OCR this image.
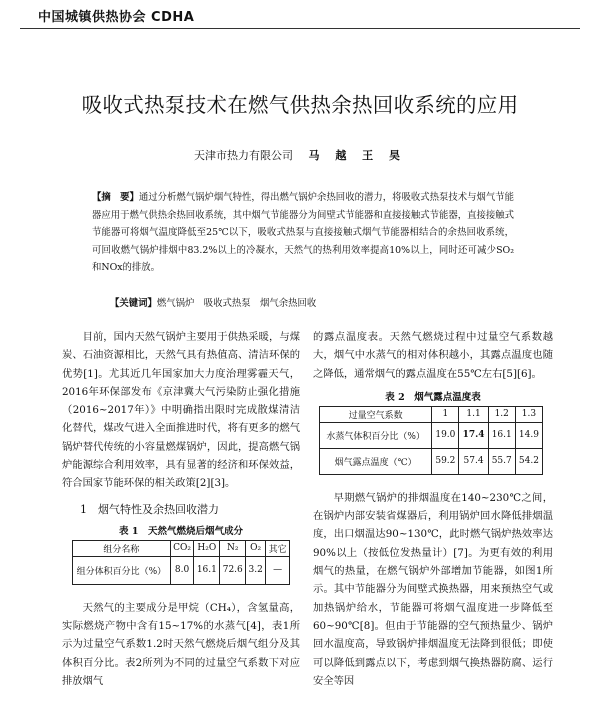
中国城镇供热协会 CDHA
吸收式热泵技术在燃气供热余热回收系统的应用
天津市热力有限公司 马 越 王 昊
【摘　要】通过分析燃气锅炉烟气特性，得出燃气锅炉余热回收的潜力，将吸收式热泵技术与烟气节能器应用于燃气供热余热回收系统，其中烟气节能器分为间壁式节能器和直接接触式节能器，直接接触式节能器可将烟气温度降低至25℃以下，吸收式热泵与直接接触式烟气节能器相结合的余热回收系统，可回收燃气锅炉排烟中83.2%以上的冷凝水，天然气的热利用效率提高10%以上，同时还可减少SO₂和NOx的排放。
【关键词】燃气锅炉　吸收式热泵　烟气余热回收

目前，国内天然气锅炉主要用于供热采暖，与煤炭、石油资源相比，天然气具有热值高、清洁环保的优势[1]。尤其近几年国家加大力度治理雾霾天气，2016年环保部发布《京津冀大气污染防止强化措施（2016~2017年）》中明确指出限时完成散煤清洁化替代，煤改气进入全面推进时代，将有更多的燃气锅炉替代传统的小容量燃煤锅炉，因此，提高燃气锅炉能源综合利用效率，具有显著的经济和环保效益，符合国家节能环保的相关政策[2][3]。

1　烟气特性及余热回收潜力
表 1　天然气燃烧后烟气成分
组分名称	CO₂	H₂O	N₂	O₂	其它
组分体积百分比（%）	8.0	16.1	72.6	3.2	—

天然气的主要成分是甲烷（CH₄），含氢量高，实际燃烧产物中含有15~17%的水蒸气[4]，表1所示为过量空气系数1.2时天然气燃烧后烟气组分及其体积百分比。表2所列为不同的过量空气系数下对应排放烟气

的露点温度表。天然气燃烧过程中过量空气系数越大，烟气中水蒸气的相对体积越小，其露点温度也随之降低，通常烟气的露点温度在55℃左右[5][6]。

表 2　烟气露点温度表
过量空气系数	1	1.1	1.2	1.3
水蒸气体积百分比（%）	19.0	17.4	16.1	14.9
烟气露点温度（℃）	59.2	57.4	55.7	54.2

早期燃气锅炉的排烟温度在140~230℃之间，在锅炉内部安装省煤器后，利用锅炉回水降低排烟温度，出口烟温达90~130℃，此时燃气锅炉热效率达90%以上（按低位发热量计）[7]。为更有效的利用烟气的热量，在燃气锅炉外部增加节能器，如图1所示。其中节能器分为间壁式换热器，用来预热空气或加热锅炉给水，节能器可将烟气温度进一步降低至60~90℃[8]。但由于节能器的空气预热量少、锅炉回水温度高，导致锅炉排烟温度无法降到很低；即使可以降低到露点以下，考虑到烟气换热器防腐、运行安全等因
